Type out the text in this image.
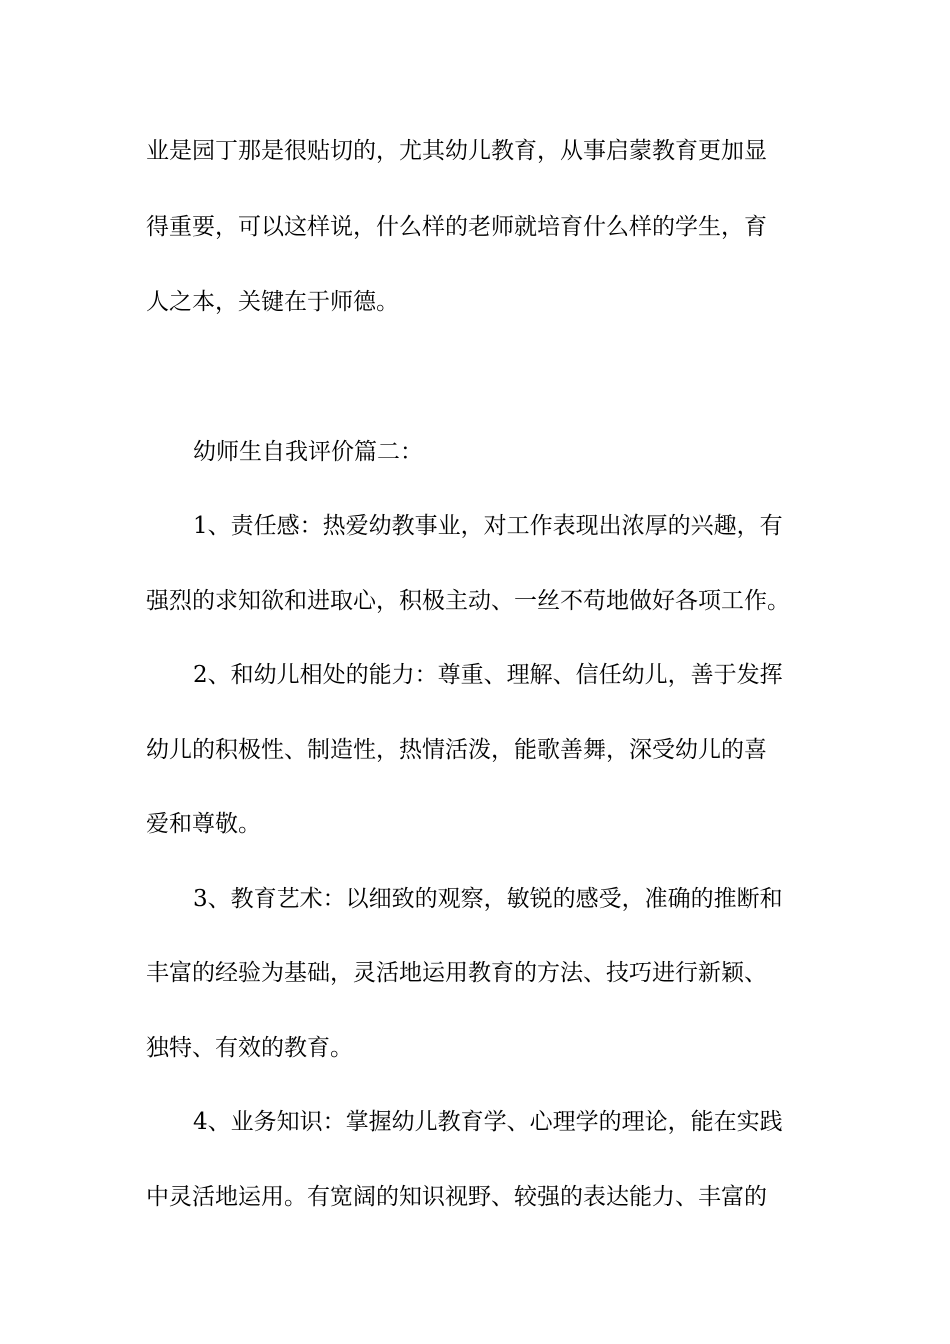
业是园丁那是很贴切的，尤其幼儿教育，从事启蒙教育更加显
得重要，可以这样说，什么样的老师就培育什么样的学生，育
人之本，关键在于师德。
幼师生自我评价篇二：
1、责任感：热爱幼教事业，对工作表现出浓厚的兴趣，有
强烈的求知欲和进取心，积极主动、一丝不苟地做好各项工作。
2、和幼儿相处的能力：尊重、理解、信任幼儿，善于发挥
幼儿的积极性、制造性，热情活泼，能歌善舞，深受幼儿的喜
爱和尊敬。
3、教育艺术：以细致的观察，敏锐的感受，准确的推断和
丰富的经验为基础，灵活地运用教育的方法、技巧进行新颖、
独特、有效的教育。
4、业务知识：掌握幼儿教育学、心理学的理论，能在实践
中灵活地运用。有宽阔的知识视野、较强的表达能力、丰富的
